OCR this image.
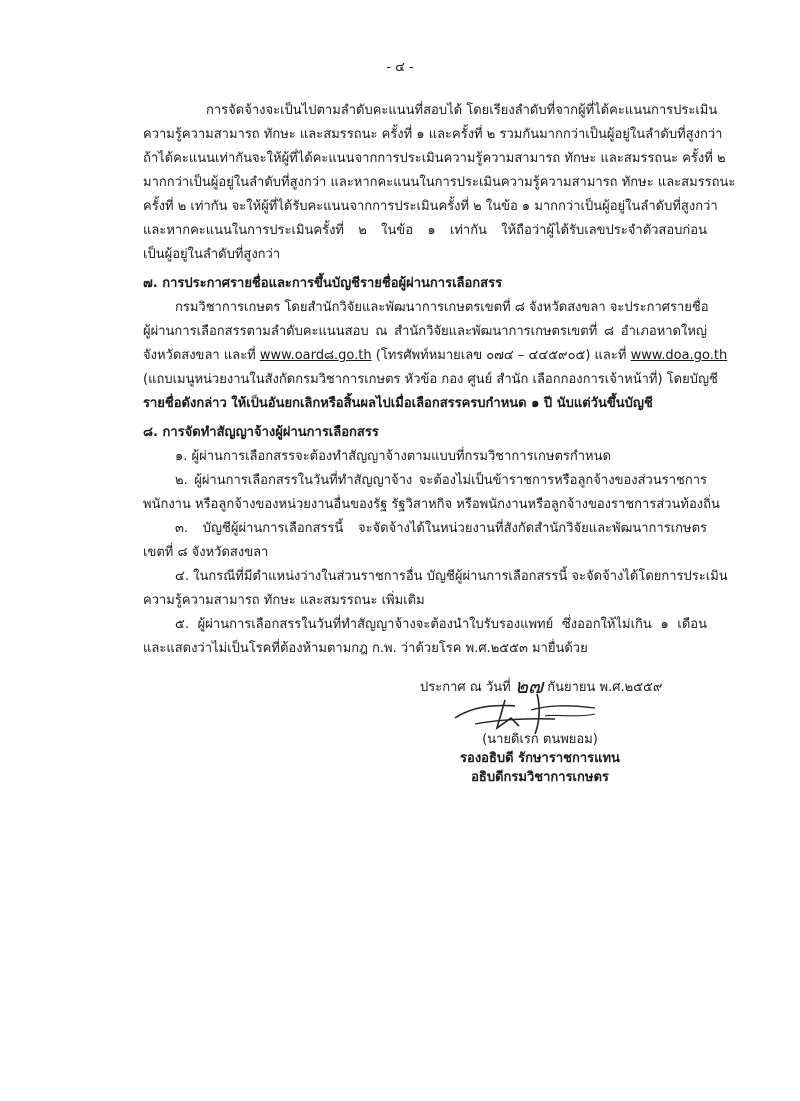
- ๔ -
การจัดจ้างจะเป็นไปตามลำดับคะแนนที่สอบได้ โดยเรียงลำดับที่จากผู้ที่ได้คะแนนการประเมิน
ความรู้ความสามารถ ทักษะ และสมรรถนะ ครั้งที่ ๑ และครั้งที่ ๒ รวมกันมากกว่าเป็นผู้อยู่ในลำดับที่สูงกว่า
ถ้าได้คะแนนเท่ากันจะให้ผู้ที่ได้คะแนนจากการประเมินความรู้ความสามารถ ทักษะ และสมรรถนะ ครั้งที่ ๒
มากกว่าเป็นผู้อยู่ในลำดับที่สูงกว่า และหากคะแนนในการประเมินความรู้ความสามารถ ทักษะ และสมรรถนะ
ครั้งที่ ๒ เท่ากัน จะให้ผู้ที่ได้รับคะแนนจากการประเมินครั้งที่ ๒ ในข้อ ๑ มากกว่าเป็นผู้อยู่ในลำดับที่สูงกว่า
และหากคะแนนในการประเมินครั้งที่ ๒ ในข้อ ๑ เท่ากัน ให้ถือว่าผู้ได้รับเลขประจำตัวสอบก่อน
เป็นผู้อยู่ในลำดับที่สูงกว่า
๗. การประกาศรายชื่อและการขึ้นบัญชีรายชื่อผู้ผ่านการเลือกสรร
กรมวิชาการเกษตร โดยสำนักวิจัยและพัฒนาการเกษตรเขตที่ ๘ จังหวัดสงขลา จะประกาศรายชื่อ
ผู้ผ่านการเลือกสรรตามลำดับคะแนนสอบ ณ สำนักวิจัยและพัฒนาการเกษตรเขตที่ ๘ อำเภอหาดใหญ่
จังหวัดสงขลา และที่ www.oard๘.go.th (โทรศัพท์หมายเลข ๐๗๔ – ๔๔๕๙๐๕) และที่ www.doa.go.th
(แถบเมนูหน่วยงานในสังกัดกรมวิชาการเกษตร หัวข้อ กอง ศูนย์ สำนัก เลือกกองการเจ้าหน้าที่) โดยบัญชี
รายชื่อดังกล่าว ให้เป็นอันยกเลิกหรือสิ้นผลไปเมื่อเลือกสรรครบกำหนด ๑ ปี นับแต่วันขึ้นบัญชี
๘. การจัดทำสัญญาจ้างผู้ผ่านการเลือกสรร
๑. ผู้ผ่านการเลือกสรรจะต้องทำสัญญาจ้างตามแบบที่กรมวิชาการเกษตรกำหนด
๒. ผู้ผ่านการเลือกสรรในวันที่ทำสัญญาจ้าง จะต้องไม่เป็นข้าราชการหรือลูกจ้างของส่วนราชการ
พนักงาน หรือลูกจ้างของหน่วยงานอื่นของรัฐ รัฐวิสาหกิจ หรือพนักงานหรือลูกจ้างของราชการส่วนท้องถิ่น
๓. บัญชีผู้ผ่านการเลือกสรรนี้ จะจัดจ้างได้ในหน่วยงานที่สังกัดสำนักวิจัยและพัฒนาการเกษตร
เขตที่ ๘ จังหวัดสงขลา
๔. ในกรณีที่มีตำแหน่งว่างในส่วนราชการอื่น บัญชีผู้ผ่านการเลือกสรรนี้ จะจัดจ้างได้โดยการประเมิน
ความรู้ความสามารถ ทักษะ และสมรรถนะ เพิ่มเติม
๕. ผู้ผ่านการเลือกสรรในวันที่ทำสัญญาจ้างจะต้องนำใบรับรองแพทย์ ซึ่งออกให้ไม่เกิน ๑ เดือน
และแสดงว่าไม่เป็นโรคที่ต้องห้ามตามกฎ ก.พ. ว่าด้วยโรค พ.ศ.๒๕๕๓ มายื่นด้วย
ประกาศ ณ วันที่ ๒๗ กันยายน พ.ศ.๒๕๕๙
(นายดิเรก ตนพยอม)
รองอธิบดี รักษาราชการแทน
อธิบดีกรมวิชาการเกษตร
